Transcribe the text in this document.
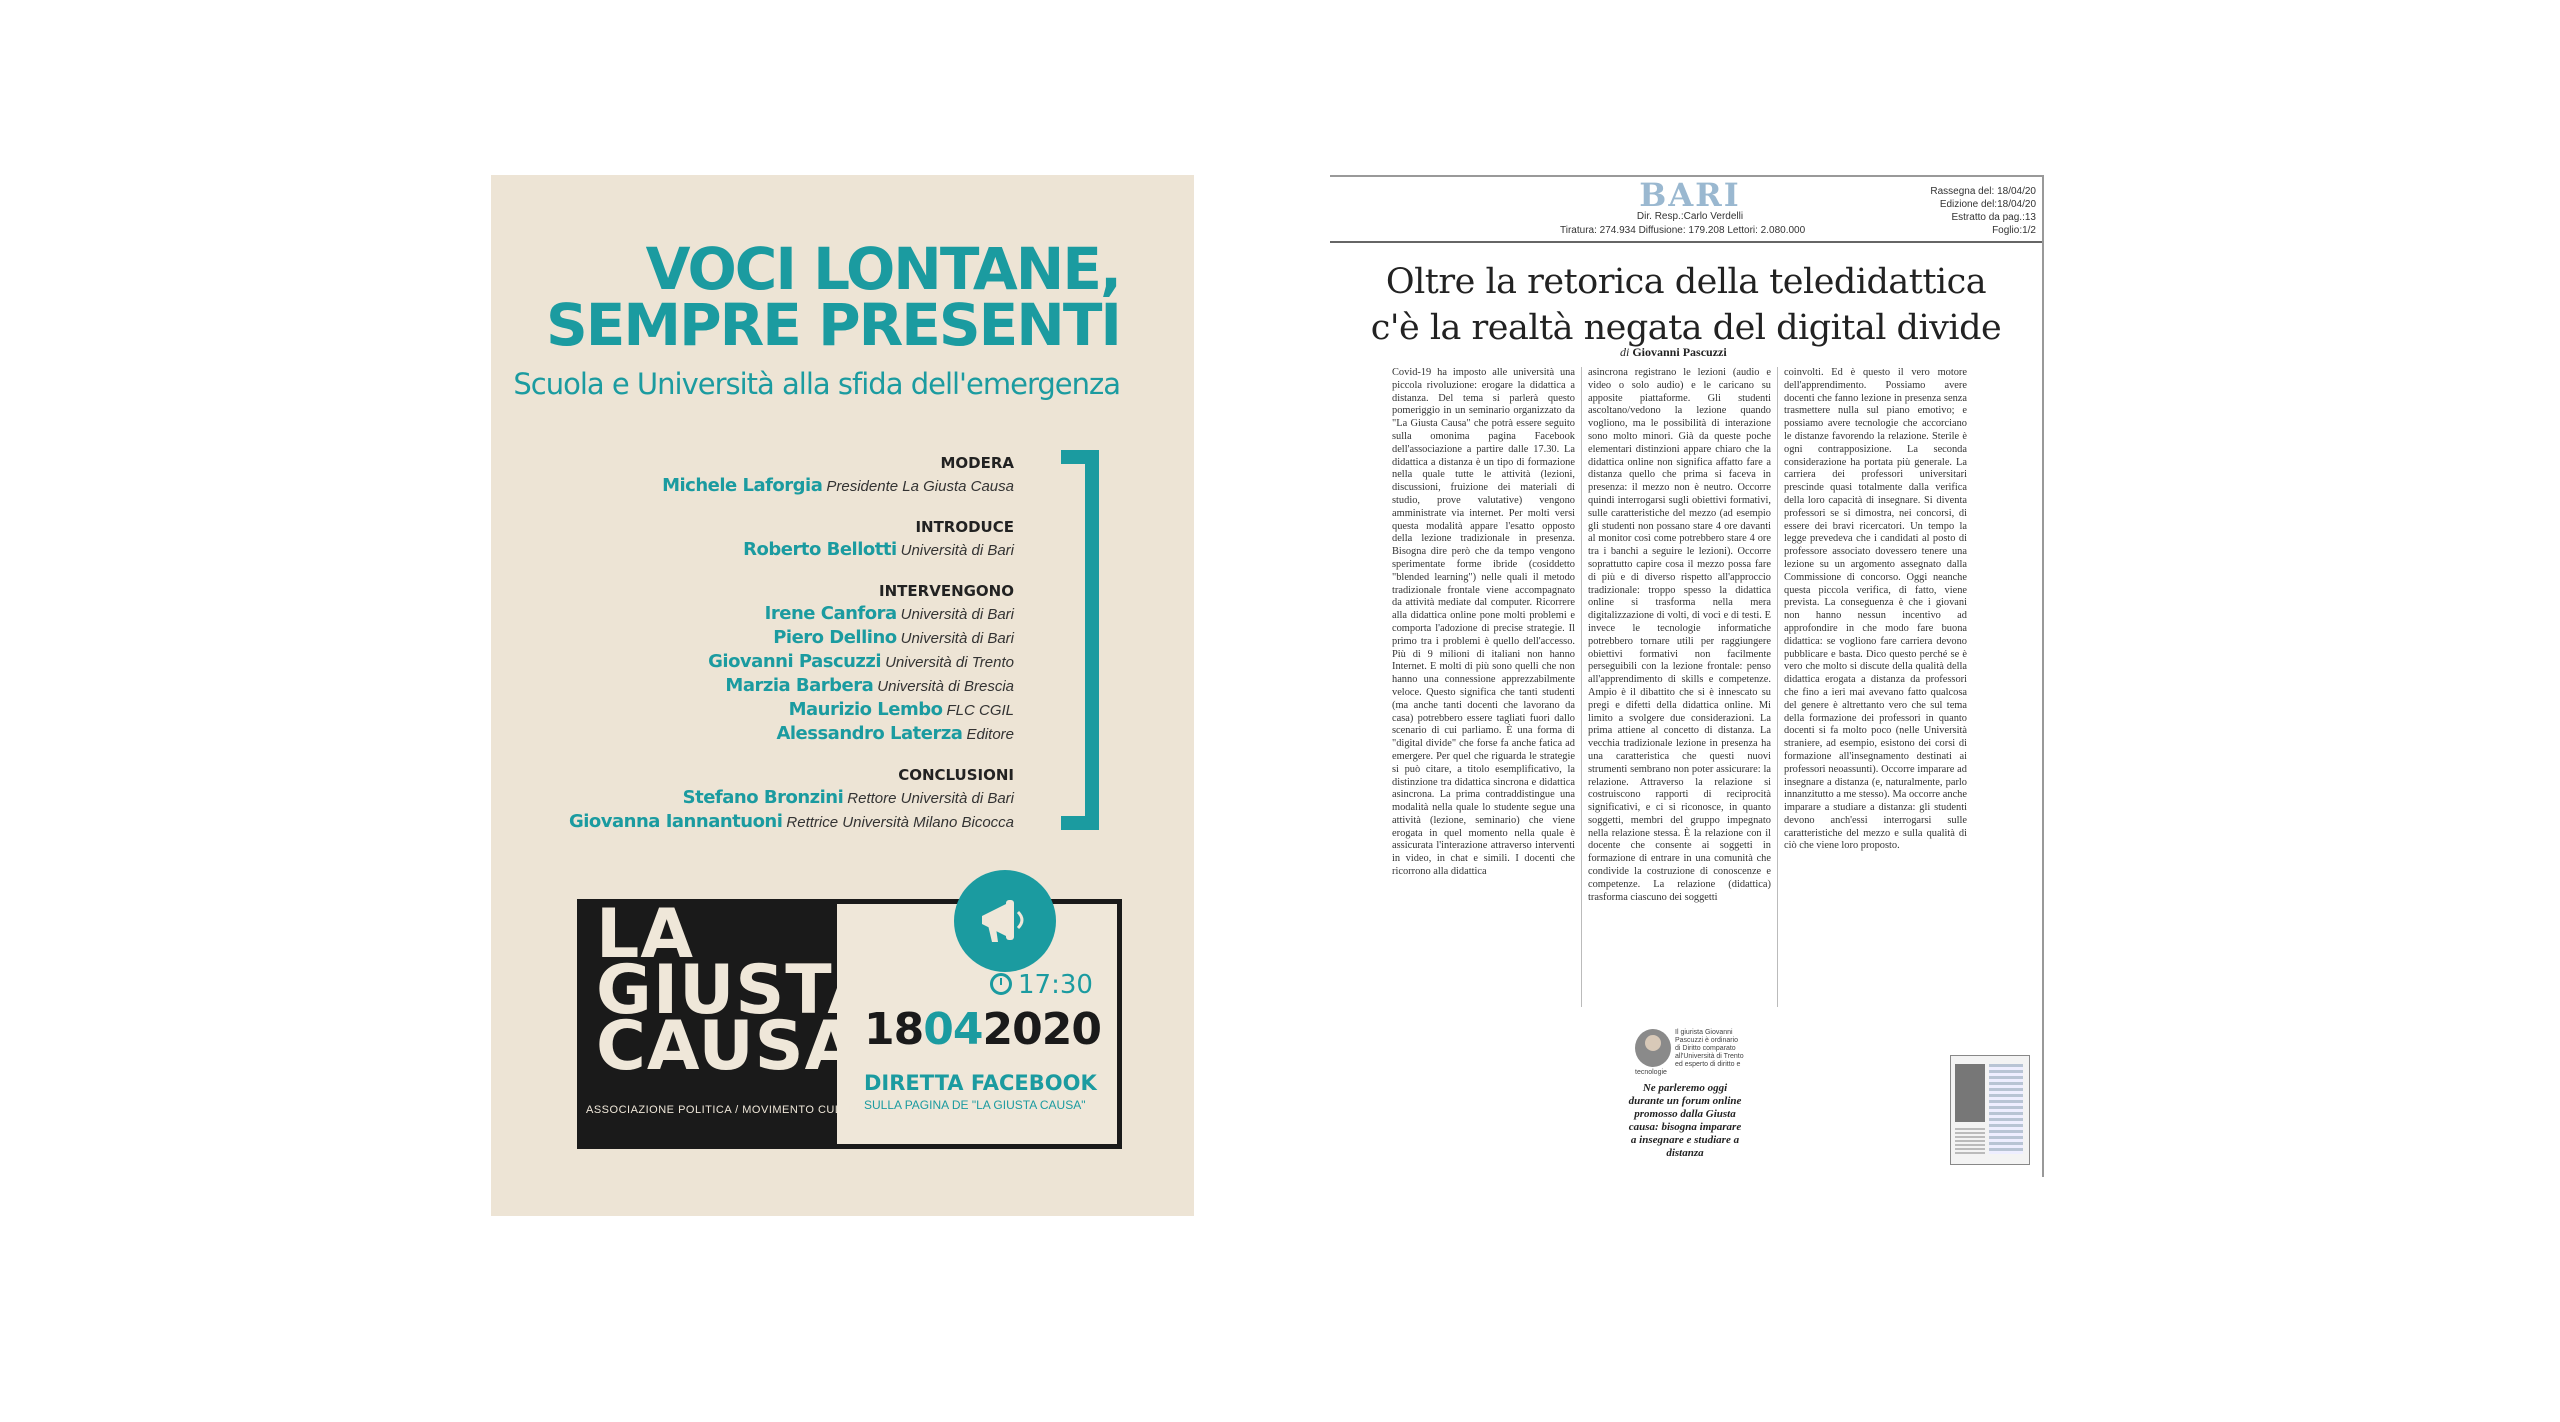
VOCI LONTANE,
SEMPRE PRESENTI
Scuola e Università alla sfida dell'emergenza
MODERA
Michele Laforgia Presidente La Giusta Causa
INTRODUCE
Roberto Bellotti Università di Bari
INTERVENGONO
Irene Canfora Università di Bari
Piero Dellino Università di Bari
Giovanni Pascuzzi Università di Trento
Marzia Barbera Università di Brescia
Maurizio Lembo FLC CGIL
Alessandro Laterza Editore
CONCLUSIONI
Stefano Bronzini Rettore Università di Bari
Giovanna Iannantuoni Rettrice Università Milano Bicocca
LA
GIUSTA
CAUSA
ASSOCIAZIONE POLITICA / MOVIMENTO CULTURALE
17:30
18042020
DIRETTA FACEBOOK
SULLA PAGINA DE "LA GIUSTA CAUSA"
BARI
Dir. Resp.:Carlo Verdelli
Tiratura: 274.934 Diffusione: 179.208 Lettori: 2.080.000
Rassegna del: 18/04/20
Edizione del:18/04/20
Estratto da pag.:13
Foglio:1/2
Oltre la retorica della teledidattica
c'è la realtà negata del digital divide
di Giovanni Pascuzzi
Covid-19 ha imposto alle università una piccola rivoluzione: erogare la didattica a distanza. Del tema si parlerà questo pomeriggio in un seminario organizzato da "La Giusta Causa" che potrà essere seguito sulla omonima pagina Facebook dell'associazione a partire dalle 17.30. La didattica a distanza è un tipo di formazione nella quale tutte le attività (lezioni, discussioni, fruizione dei materiali di studio, prove valutative) vengono amministrate via internet. Per molti versi questa modalità appare l'esatto opposto della lezione tradizionale in presenza. Bisogna dire però che da tempo vengono sperimentate forme ibride (cosiddetto "blended learning") nelle quali il metodo tradizionale frontale viene accompagnato da attività mediate dal computer. Ricorrere alla didattica online pone molti problemi e comporta l'adozione di precise strategie. Il primo tra i problemi è quello dell'accesso. Più di 9 milioni di italiani non hanno Internet. E molti di più sono quelli che non hanno una connessione apprezzabilmente veloce. Questo significa che tanti studenti (ma anche tanti docenti che lavorano da casa) potrebbero essere tagliati fuori dallo scenario di cui parliamo. È una forma di "digital divide" che forse fa anche fatica ad emergere. Per quel che riguarda le strategie si può citare, a titolo esemplificativo, la distinzione tra didattica sincrona e didattica asincrona. La prima contraddistingue una modalità nella quale lo studente segue una attività (lezione, seminario) che viene erogata in quel momento nella quale è assicurata l'interazione attraverso interventi in video, in chat e simili. I docenti che ricorrono alla didattica
asincrona registrano le lezioni (audio e video o solo audio) e le caricano su apposite piattaforme. Gli studenti ascoltano/vedono la lezione quando vogliono, ma le possibilità di interazione sono molto minori. Già da queste poche elementari distinzioni appare chiaro che la didattica online non significa affatto fare a distanza quello che prima si faceva in presenza: il mezzo non è neutro. Occorre quindi interrogarsi sugli obiettivi formativi, sulle caratteristiche del mezzo (ad esempio gli studenti non possano stare 4 ore davanti al monitor così come potrebbero stare 4 ore tra i banchi a seguire le lezioni). Occorre soprattutto capire cosa il mezzo possa fare di più e di diverso rispetto all'approccio tradizionale: troppo spesso la didattica online si trasforma nella mera digitalizzazione di volti, di voci e di testi. E invece le tecnologie informatiche potrebbero tornare utili per raggiungere obiettivi formativi non facilmente perseguibili con la lezione frontale: penso all'apprendimento di skills e competenze. Ampio è il dibattito che si è innescato su pregi e difetti della didattica online. Mi limito a svolgere due considerazioni. La prima attiene al concetto di distanza. La vecchia tradizionale lezione in presenza ha una caratteristica che questi nuovi strumenti sembrano non poter assicurare: la relazione. Attraverso la relazione si costruiscono rapporti di reciprocità significativi, e ci si riconosce, in quanto soggetti, membri del gruppo impegnato nella relazione stessa. È la relazione con il docente che consente ai soggetti in formazione di entrare in una comunità che condivide la costruzione di conoscenze e competenze. La relazione (didattica) trasforma ciascuno dei soggetti
coinvolti. Ed è questo il vero motore dell'apprendimento. Possiamo avere docenti che fanno lezione in presenza senza trasmettere nulla sul piano emotivo; e possiamo avere tecnologie che accorciano le distanze favorendo la relazione. Sterile è ogni contrapposizione. La seconda considerazione ha portata più generale. La carriera dei professori universitari prescinde quasi totalmente dalla verifica della loro capacità di insegnare. Si diventa professori se si dimostra, nei concorsi, di essere dei bravi ricercatori. Un tempo la legge prevedeva che i candidati al posto di professore associato dovessero tenere una lezione su un argomento assegnato dalla Commissione di concorso. Oggi neanche questa piccola verifica, di fatto, viene prevista. La conseguenza è che i giovani non hanno nessun incentivo ad approfondire in che modo fare buona didattica: se vogliono fare carriera devono pubblicare e basta. Dico questo perché se è vero che molto si discute della qualità della didattica erogata a distanza da professori che fino a ieri mai avevano fatto qualcosa del genere è altrettanto vero che sul tema della formazione dei professori in quanto docenti si fa molto poco (nelle Università straniere, ad esempio, esistono dei corsi di formazione all'insegnamento destinati ai professori neoassunti). Occorre imparare ad insegnare a distanza (e, naturalmente, parlo innanzitutto a me stesso). Ma occorre anche imparare a studiare a distanza: gli studenti devono anch'essi interrogarsi sulle caratteristiche del mezzo e sulla qualità di ciò che viene loro proposto.
Il giurista Giovanni Pascuzzi è ordinario di Diritto comparato all'Università di Trento ed esperto di diritto e tecnologie
Ne parleremo oggi durante un forum online promosso dalla Giusta causa: bisogna imparare a insegnare e studiare a distanza
